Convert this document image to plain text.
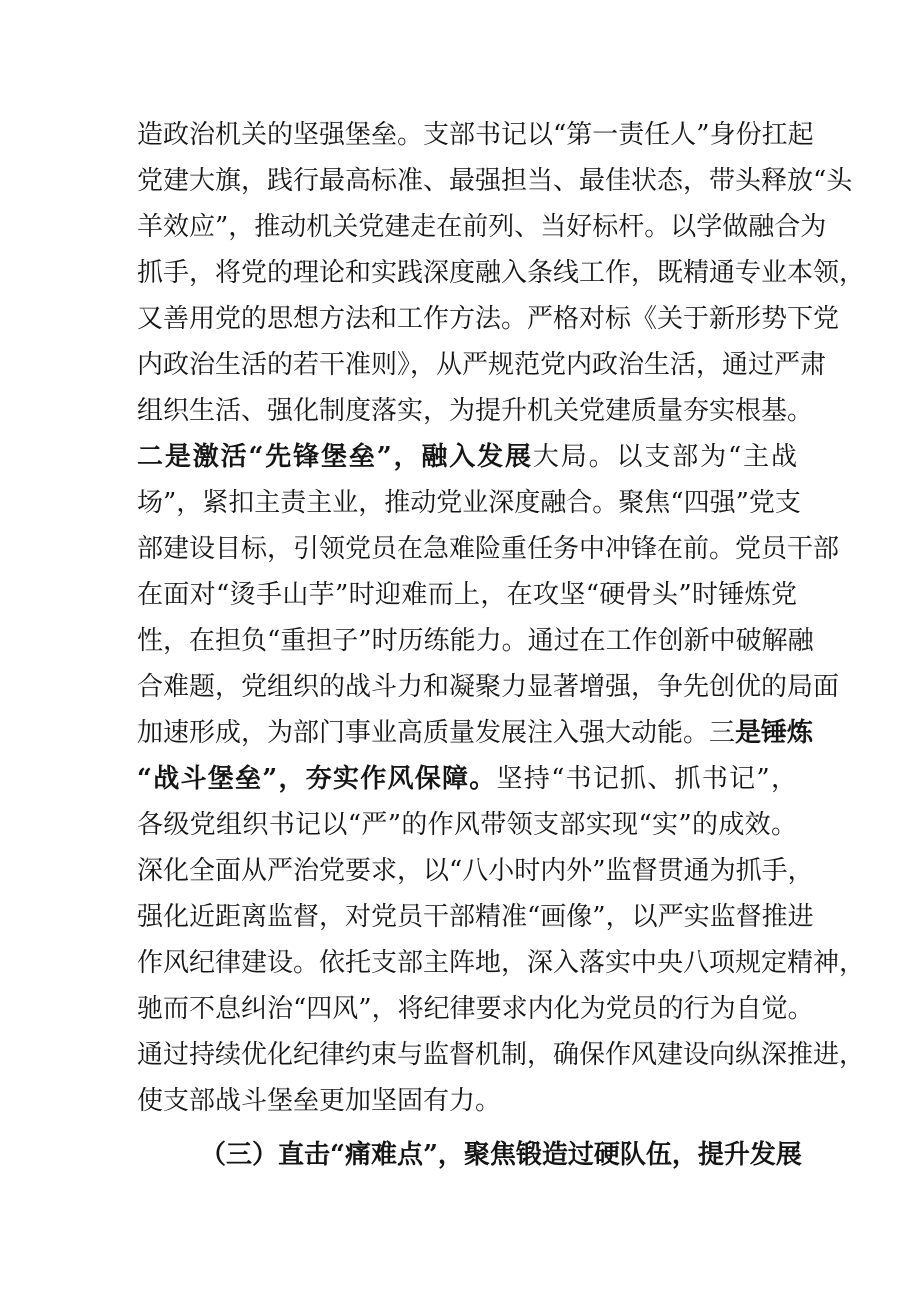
造政治机关的坚强堡垒。支部书记以“第一责任人”身份扛起
党建大旗，践行最高标准、最强担当、最佳状态，带头释放“头
羊效应”，推动机关党建走在前列、当好标杆。以学做融合为
抓手，将党的理论和实践深度融入条线工作，既精通专业本领，
又善用党的思想方法和工作方法。严格对标《关于新形势下党
内政治生活的若干准则》，从严规范党内政治生活，通过严肃
组织生活、强化制度落实，为提升机关党建质量夯实根基。
二是激活“先锋堡垒”，融入发展大局。以支部为“主战
场”，紧扣主责主业，推动党业深度融合。聚焦“四强”党支
部建设目标，引领党员在急难险重任务中冲锋在前。党员干部
在面对“烫手山芋”时迎难而上，在攻坚“硬骨头”时锤炼党
性，在担负“重担子”时历练能力。通过在工作创新中破解融
合难题，党组织的战斗力和凝聚力显著增强，争先创优的局面
加速形成，为部门事业高质量发展注入强大动能。三是锤炼
“战斗堡垒”，夯实作风保障。坚持“书记抓、抓书记”，
各级党组织书记以“严”的作风带领支部实现“实”的成效。
深化全面从严治党要求，以“八小时内外”监督贯通为抓手，
强化近距离监督，对党员干部精准“画像”，以严实监督推进
作风纪律建设。依托支部主阵地，深入落实中央八项规定精神，
驰而不息纠治“四风”，将纪律要求内化为党员的行为自觉。
通过持续优化纪律约束与监督机制，确保作风建设向纵深推进，
使支部战斗堡垒更加坚固有力。
（三）直击“痛难点”，聚焦锻造过硬队伍，提升发展
